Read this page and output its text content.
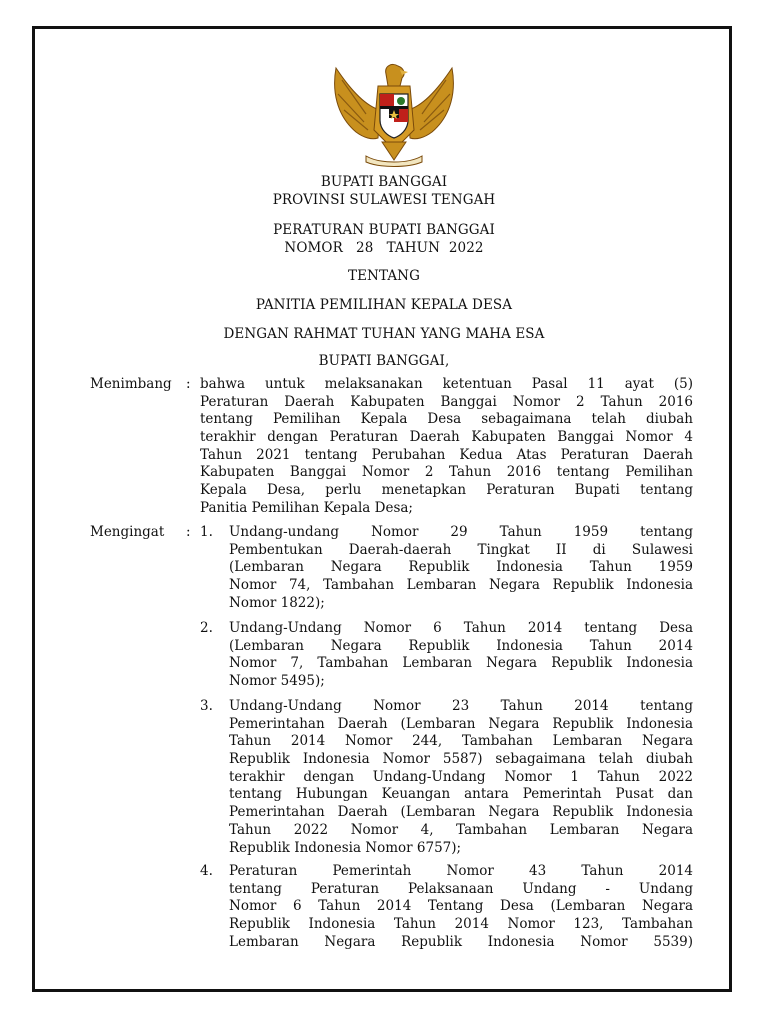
BUPATI BANGGAI
PROVINSI SULAWESI TENGAH
PERATURAN BUPATI BANGGAI
NOMOR   28   TAHUN  2022
TENTANG
PANITIA PEMILIHAN KEPALA DESA
DENGAN RAHMAT TUHAN YANG MAHA ESA
BUPATI BANGGAI,
Menimbang : bahwa untuk melaksanakan ketentuan Pasal 11 ayat (5)
Peraturan Daerah Kabupaten Banggai Nomor 2 Tahun 2016
tentang Pemilihan Kepala Desa sebagaimana telah diubah
terakhir dengan Peraturan Daerah Kabupaten Banggai Nomor 4
Tahun 2021 tentang Perubahan Kedua Atas Peraturan Daerah
Kabupaten Banggai Nomor 2 Tahun 2016 tentang Pemilihan
Kepala Desa, perlu menetapkan Peraturan Bupati tentang
Panitia Pemilihan Kepala Desa;
Mengingat : 1. Undang-undang Nomor 29 Tahun 1959 tentang
Pembentukan Daerah-daerah Tingkat II di Sulawesi
(Lembaran Negara Republik Indonesia Tahun 1959
Nomor 74, Tambahan Lembaran Negara Republik Indonesia
Nomor 1822);
2. Undang-Undang Nomor 6 Tahun 2014 tentang Desa
(Lembaran Negara Republik Indonesia Tahun 2014
Nomor 7, Tambahan Lembaran Negara Republik Indonesia
Nomor 5495);
3. Undang-Undang Nomor 23 Tahun 2014 tentang
Pemerintahan Daerah (Lembaran Negara Republik Indonesia
Tahun 2014 Nomor 244, Tambahan Lembaran Negara
Republik Indonesia Nomor 5587) sebagaimana telah diubah
terakhir dengan Undang-Undang Nomor 1 Tahun 2022
tentang Hubungan Keuangan antara Pemerintah Pusat dan
Pemerintahan Daerah (Lembaran Negara Republik Indonesia
Tahun 2022 Nomor 4, Tambahan Lembaran Negara
Republik Indonesia Nomor 6757);
4. Peraturan Pemerintah Nomor 43 Tahun 2014
tentang Peraturan Pelaksanaan Undang - Undang
Nomor 6 Tahun 2014 Tentang Desa (Lembaran Negara
Republik Indonesia Tahun 2014 Nomor 123, Tambahan
Lembaran Negara Republik Indonesia Nomor 5539)
